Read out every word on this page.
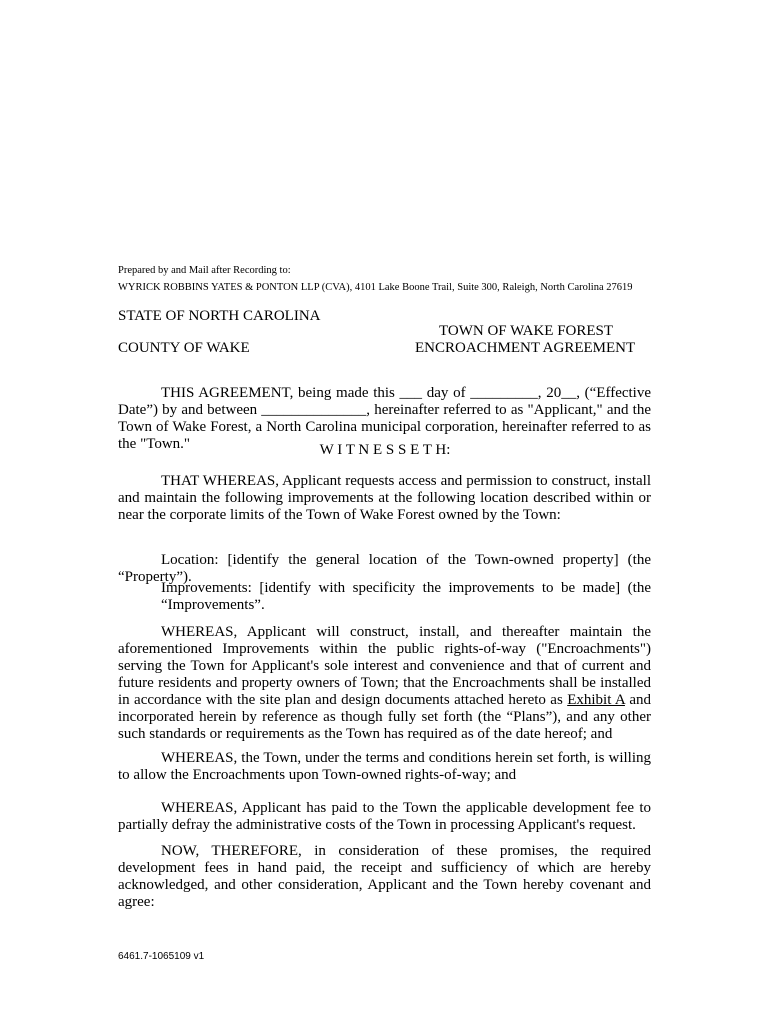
Prepared by and Mail after Recording to:
WYRICK ROBBINS YATES & PONTON LLP (CVA), 4101 Lake Boone Trail, Suite 300, Raleigh, North Carolina 27619
STATE OF NORTH CAROLINA
TOWN OF WAKE FOREST
COUNTY OF WAKE	ENCROACHMENT AGREEMENT

THIS AGREEMENT, being made this ___ day of _________, 20__, (“Effective Date”) by and between ______________, hereinafter referred to as "Applicant," and the Town of Wake Forest, a North Carolina municipal corporation, hereinafter referred to as the "Town."	W I T N E S S E T H:

THAT WHEREAS, Applicant requests access and permission to construct, install and maintain the following improvements at the following location described within or near the corporate limits of the Town of Wake Forest owned by the Town:

Location: [identify the general location of the Town-owned property] (the “Property”).

Improvements: [identify with specificity the improvements to be made] (the “Improvements”.

WHEREAS, Applicant will construct, install, and thereafter maintain the aforementioned Improvements within the public rights-of-way ("Encroachments") serving the Town for Applicant's sole interest and convenience and that of current and future residents and property owners of Town; that the Encroachments shall be installed in accordance with the site plan and design documents attached hereto as Exhibit A and incorporated herein by reference as though fully set forth (the “Plans”), and any other such standards or requirements as the Town has required as of the date hereof; and

WHEREAS, the Town, under the terms and conditions herein set forth, is willing to allow the Encroachments upon Town-owned rights-of-way; and

WHEREAS, Applicant has paid to the Town the applicable development fee to partially defray the administrative costs of the Town in processing Applicant's request.

NOW, THEREFORE, in consideration of these promises, the required development fees in hand paid, the receipt and sufficiency of which are hereby acknowledged, and other consideration, Applicant and the Town hereby covenant and agree:

6461.7-1065109 v1
